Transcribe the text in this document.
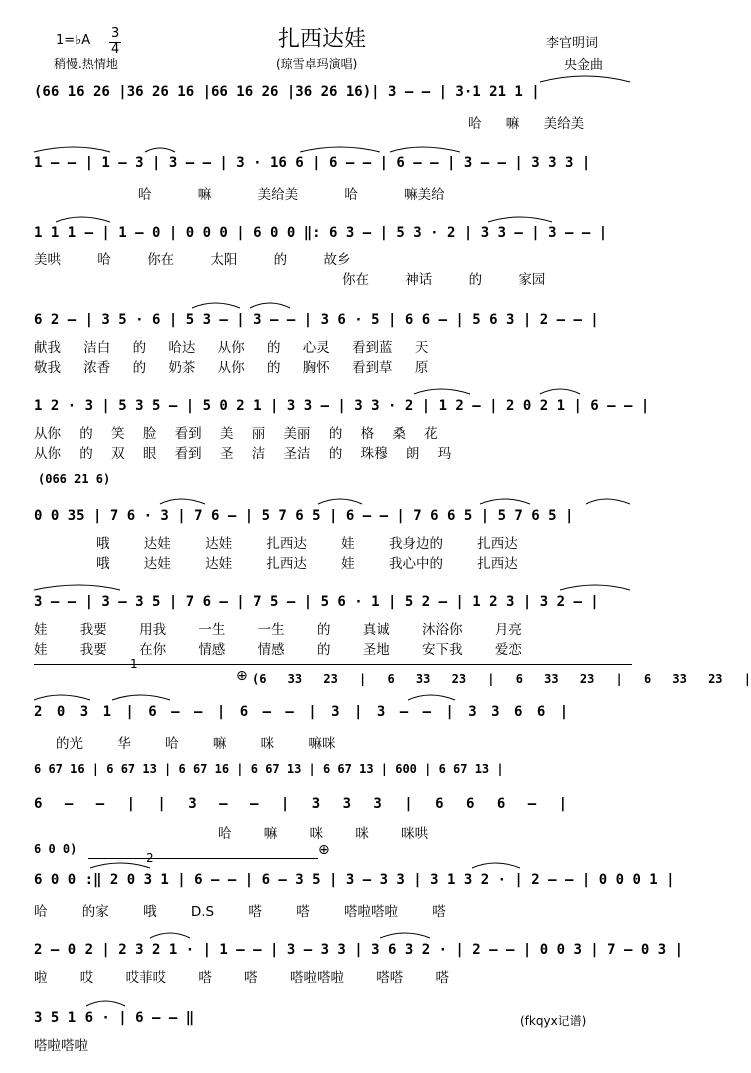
扎西达娃
1=♭A 3
4
稍慢.热情地	(琼雪卓玛演唱)
李官明词
央金曲
(66 16 26 |36 26 16 |66 16 26 |36 26 16)| 3 – – | 3·1 21 1 |
哈 嘛 美给美
1 – – | 1 – 3 | 3 – – | 3 · 16 6 | 6 – – | 6 – – | 3 – – | 3 3 3 |
哈 嘛 美给美 哈 嘛美给
1 1 1 – | 1 – 0 | 0 0 0 | 6 0 0 ‖: 6 3 – | 5 3 · 2 | 3 3 – | 3 – – |
美哄 哈 你在 太阳 的 故乡
你在 神话 的 家园
6 2 – | 3 5 · 6 | 5 3 – | 3 – – | 3 6 · 5 | 6 6 – | 5 6 3 | 2 – – |
献我 洁白 的 哈达 从你 的 心灵 看到蓝 天
敬我 浓香 的 奶茶 从你 的 胸怀 看到草 原
1 2 · 3 | 5 3 5 – | 5 0 2 1 | 3 3 – | 3 3 · 2 | 1 2 – | 2 0 2 1 | 6 – – |
从你 的 笑 脸 看到 美 丽 美丽 的 格 桑 花
从你 的 双 眼 看到 圣 洁 圣洁 的 珠穆 朗 玛
(066 21 6)
0 0 35 | 7 6 · 3 | 7 6 – | 5 7 6 5 | 6 – – | 7 6 6 5 | 5 7 6 5 |
哦 达娃 达娃 扎西达 娃 我身边的 扎西达
哦 达娃 达娃 扎西达 娃 我心中的 扎西达
3 – – | 3 – 3 5 | 7 6 – | 7 5 – | 5 6 · 1 | 5 2 – | 1 2 3 | 3 2 – |
娃 我要 用我 一生 一生 的 真诚 沐浴你 月亮
娃 我要 在你 情感 情感 的 圣地 安下我 爱恋
1
(6 33 23 | 6 33 23 | 6 33 23 | 6 33 23 |
⊕
2 0 3 1 | 6 – – | 6 – – | 3 | 3 – – | 3 3 6 6 |
的光 华 哈 嘛 咪 嘛咪
6 67 16 | 6 67 13 | 6 67 16 | 6 67 13 | 6 67 13 | 600 | 6 67 13 |
6 – – | | 3 – – | 3 3 3 | 6 6 6 – |
哈 嘛 咪 咪 咪哄
6 0 0)
2	⊕
6 0 0 :‖ 2 0 3 1 | 6 – – | 6 – 3 5 | 3 – 3 3 | 3 1 3 2 · | 2 – – | 0 0 0 1 |
哈 的家 哦 D.S 嗒 嗒 嗒啦嗒啦 嗒
2 – 0 2 | 2 3 2 1 · | 1 – – | 3 – 3 3 | 3 6 3 2 · | 2 – – | 0 0 3 | 7 – 0 3 |
啦 哎 哎菲哎 嗒 嗒 嗒啦嗒啦 嗒嗒 嗒
3 5 1 6 · | 6 – – ‖
嗒啦嗒啦
(fkqyx记谱)
